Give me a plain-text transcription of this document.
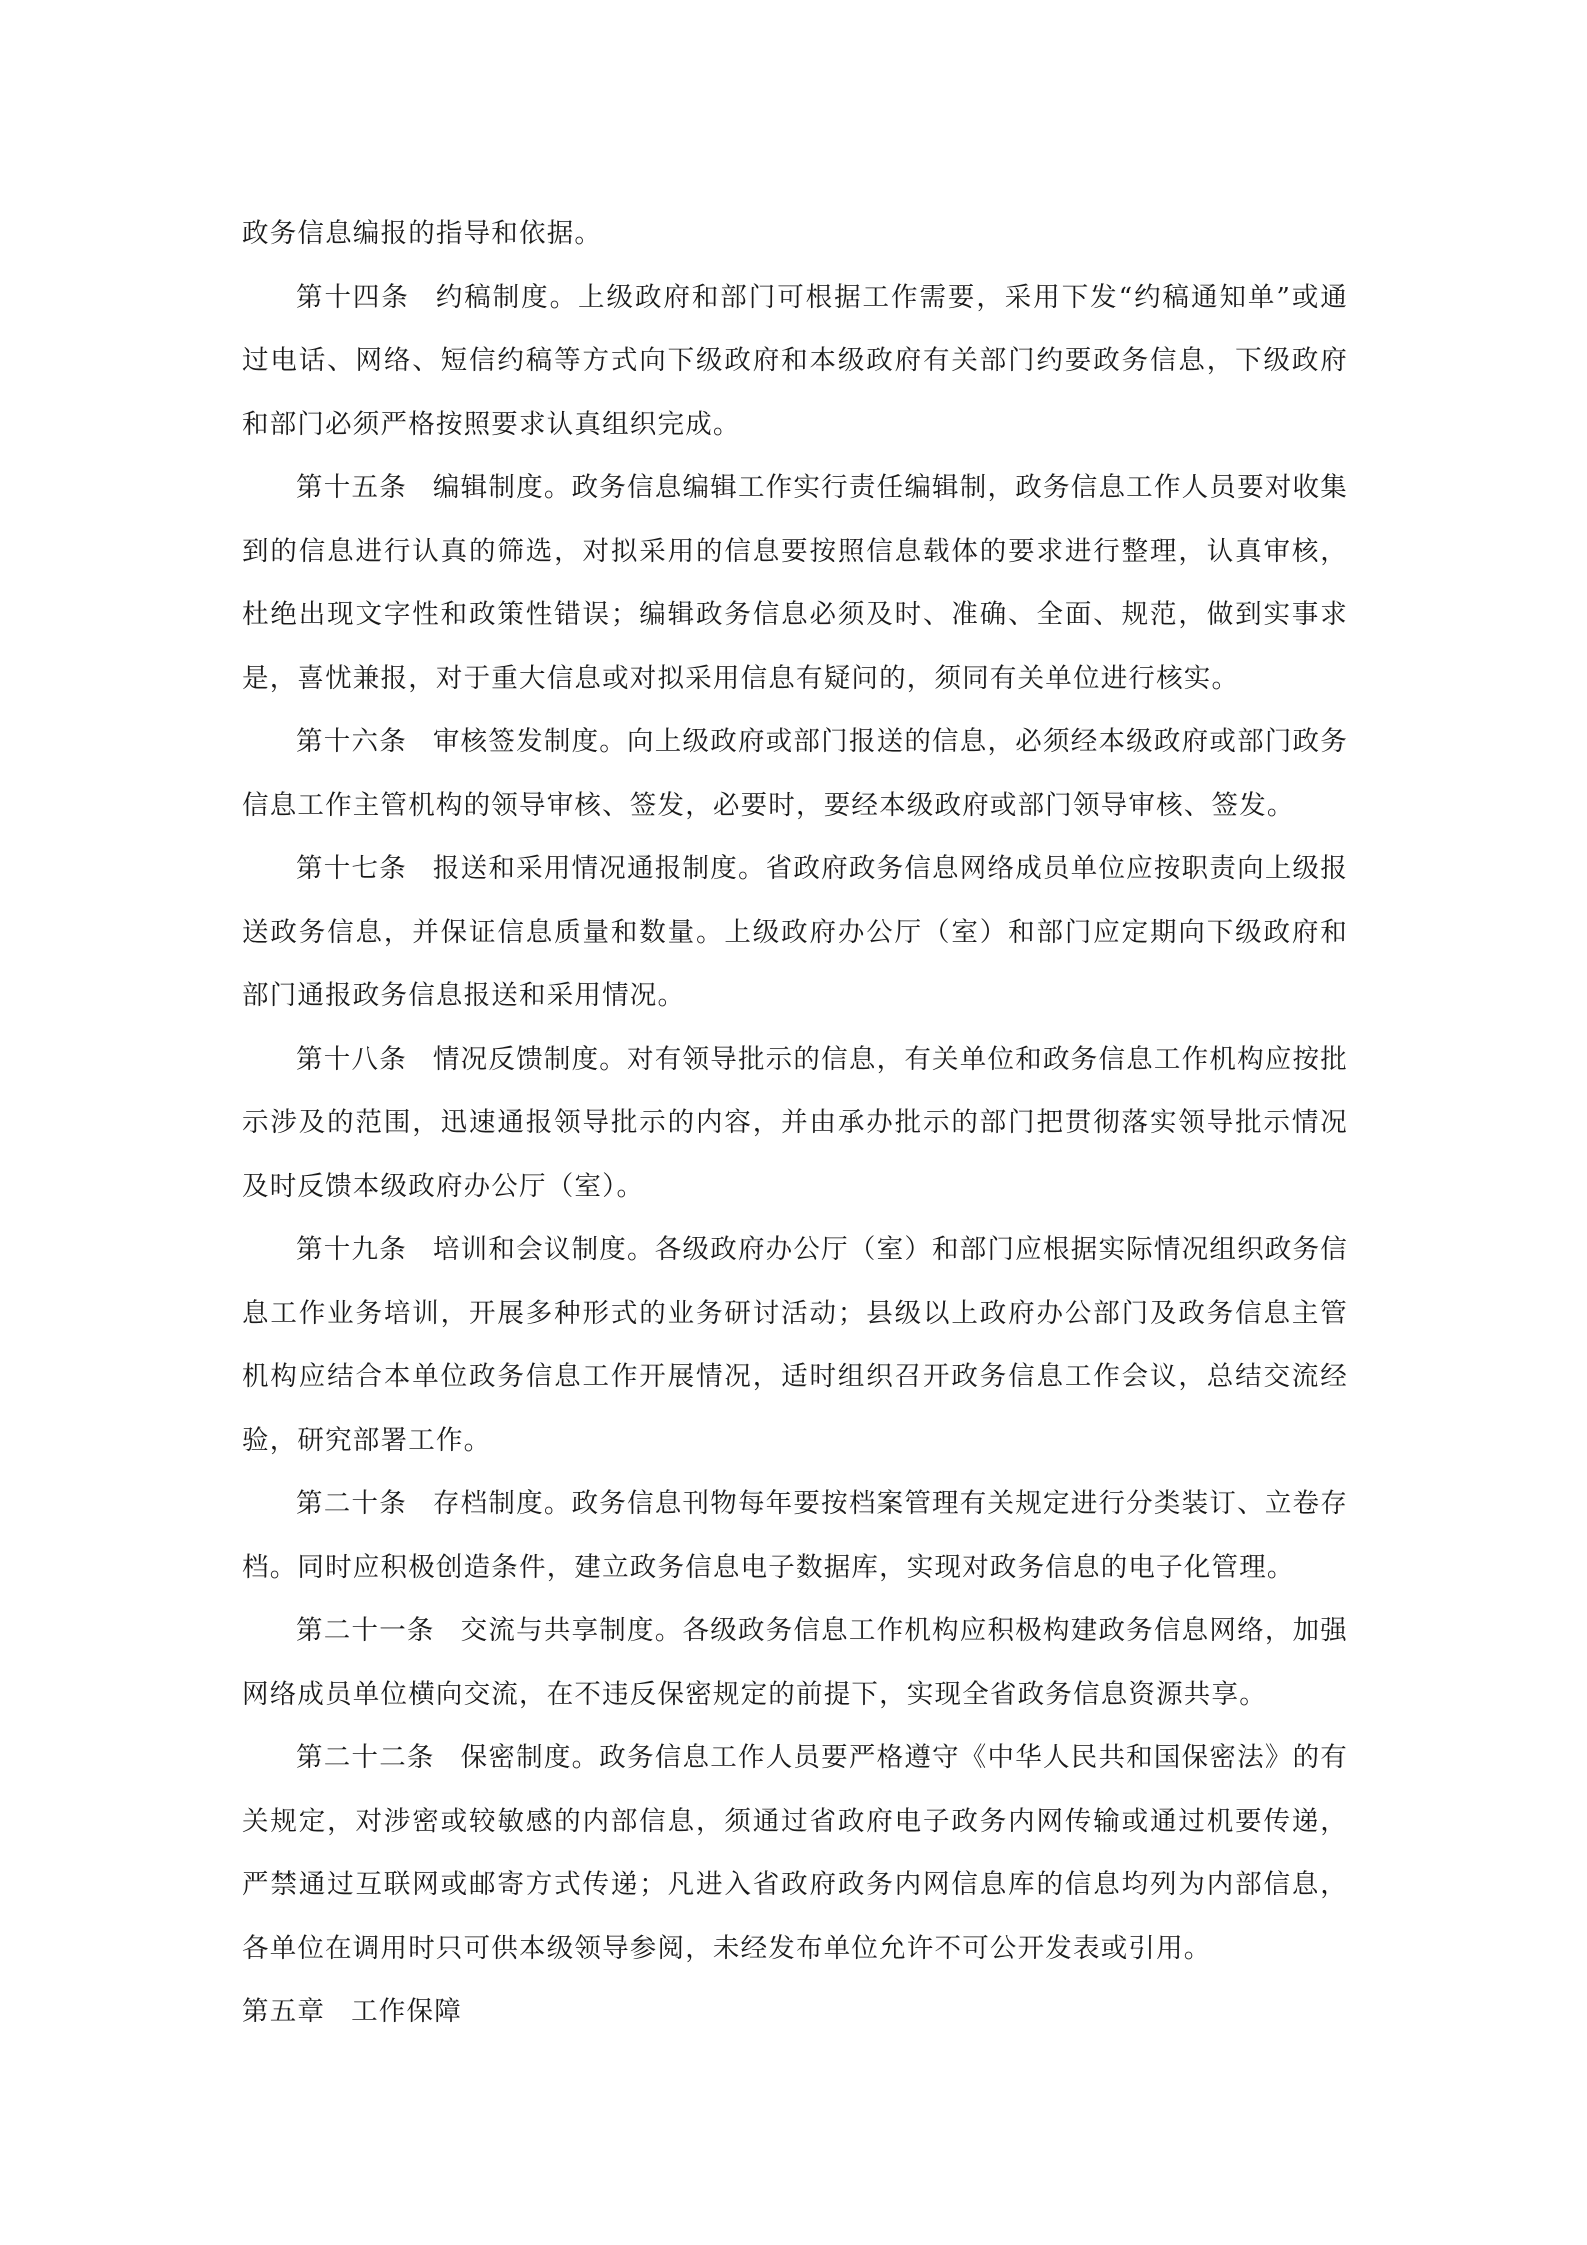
政务信息编报的指导和依据。

第十四条 约稿制度。上级政府和部门可根据工作需要，采用下发“约稿通知单”或通过电话、网络、短信约稿等方式向下级政府和本级政府有关部门约要政务信息，下级政府和部门必须严格按照要求认真组织完成。

第十五条 编辑制度。政务信息编辑工作实行责任编辑制，政务信息工作人员要对收集到的信息进行认真的筛选，对拟采用的信息要按照信息载体的要求进行整理，认真审核，杜绝出现文字性和政策性错误；编辑政务信息必须及时、准确、全面、规范，做到实事求是，喜忧兼报，对于重大信息或对拟采用信息有疑问的，须同有关单位进行核实。

第十六条 审核签发制度。向上级政府或部门报送的信息，必须经本级政府或部门政务信息工作主管机构的领导审核、签发，必要时，要经本级政府或部门领导审核、签发。

第十七条 报送和采用情况通报制度。省政府政务信息网络成员单位应按职责向上级报送政务信息，并保证信息质量和数量。上级政府办公厅（室）和部门应定期向下级政府和部门通报政务信息报送和采用情况。

第十八条 情况反馈制度。对有领导批示的信息，有关单位和政务信息工作机构应按批示涉及的范围，迅速通报领导批示的内容，并由承办批示的部门把贯彻落实领导批示情况及时反馈本级政府办公厅（室）。

第十九条 培训和会议制度。各级政府办公厅（室）和部门应根据实际情况组织政务信息工作业务培训，开展多种形式的业务研讨活动；县级以上政府办公部门及政务信息主管机构应结合本单位政务信息工作开展情况，适时组织召开政务信息工作会议，总结交流经验，研究部署工作。

第二十条 存档制度。政务信息刊物每年要按档案管理有关规定进行分类装订、立卷存档。同时应积极创造条件，建立政务信息电子数据库，实现对政务信息的电子化管理。

第二十一条 交流与共享制度。各级政务信息工作机构应积极构建政务信息网络，加强网络成员单位横向交流，在不违反保密规定的前提下，实现全省政务信息资源共享。

第二十二条 保密制度。政务信息工作人员要严格遵守《中华人民共和国保密法》的有关规定，对涉密或较敏感的内部信息，须通过省政府电子政务内网传输或通过机要传递，严禁通过互联网或邮寄方式传递；凡进入省政府政务内网信息库的信息均列为内部信息，各单位在调用时只可供本级领导参阅，未经发布单位允许不可公开发表或引用。

第五章 工作保障
